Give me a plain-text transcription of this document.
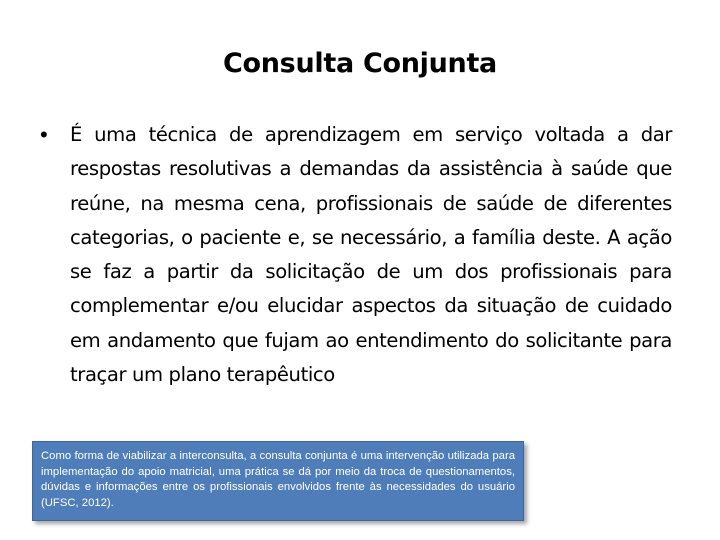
Consulta Conjunta
• É uma técnica de aprendizagem em serviço voltada a dar respostas resolutivas a demandas da assistência à saúde que reúne, na mesma cena, profissionais de saúde de diferentes categorias, o paciente e, se necessário, a família deste. A ação se faz a partir da solicitação de um dos profissionais para complementar e/ou elucidar aspectos da situação de cuidado em andamento que fujam ao entendimento do solicitante para traçar um plano terapêutico

Como forma de viabilizar a interconsulta, a consulta conjunta é uma intervenção utilizada para implementação do apoio matricial, uma prática se dá por meio da troca de questionamentos, dúvidas e informações entre os profissionais envolvidos frente às necessidades do usuário (UFSC, 2012).
